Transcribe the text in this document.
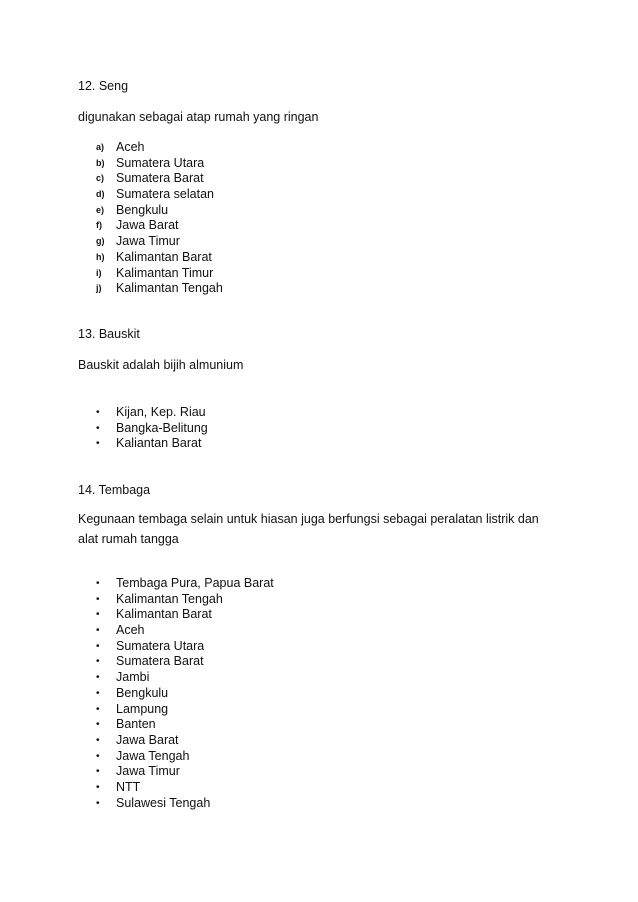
12. Seng
digunakan sebagai atap rumah yang ringan
a) Aceh
b) Sumatera Utara
c) Sumatera Barat
d) Sumatera selatan
e) Bengkulu
f) Jawa Barat
g) Jawa Timur
h) Kalimantan Barat
i) Kalimantan Timur
j) Kalimantan Tengah
13. Bauskit
Bauskit adalah bijih almunium
• Kijan, Kep. Riau
• Bangka-Belitung
• Kaliantan Barat
14. Tembaga
Kegunaan tembaga selain untuk hiasan juga berfungsi sebagai peralatan listrik dan alat rumah tangga
• Tembaga Pura, Papua Barat
• Kalimantan Tengah
• Kalimantan Barat
• Aceh
• Sumatera Utara
• Sumatera Barat
• Jambi
• Bengkulu
• Lampung
• Banten
• Jawa Barat
• Jawa Tengah
• Jawa Timur
• NTT
• Sulawesi Tengah
